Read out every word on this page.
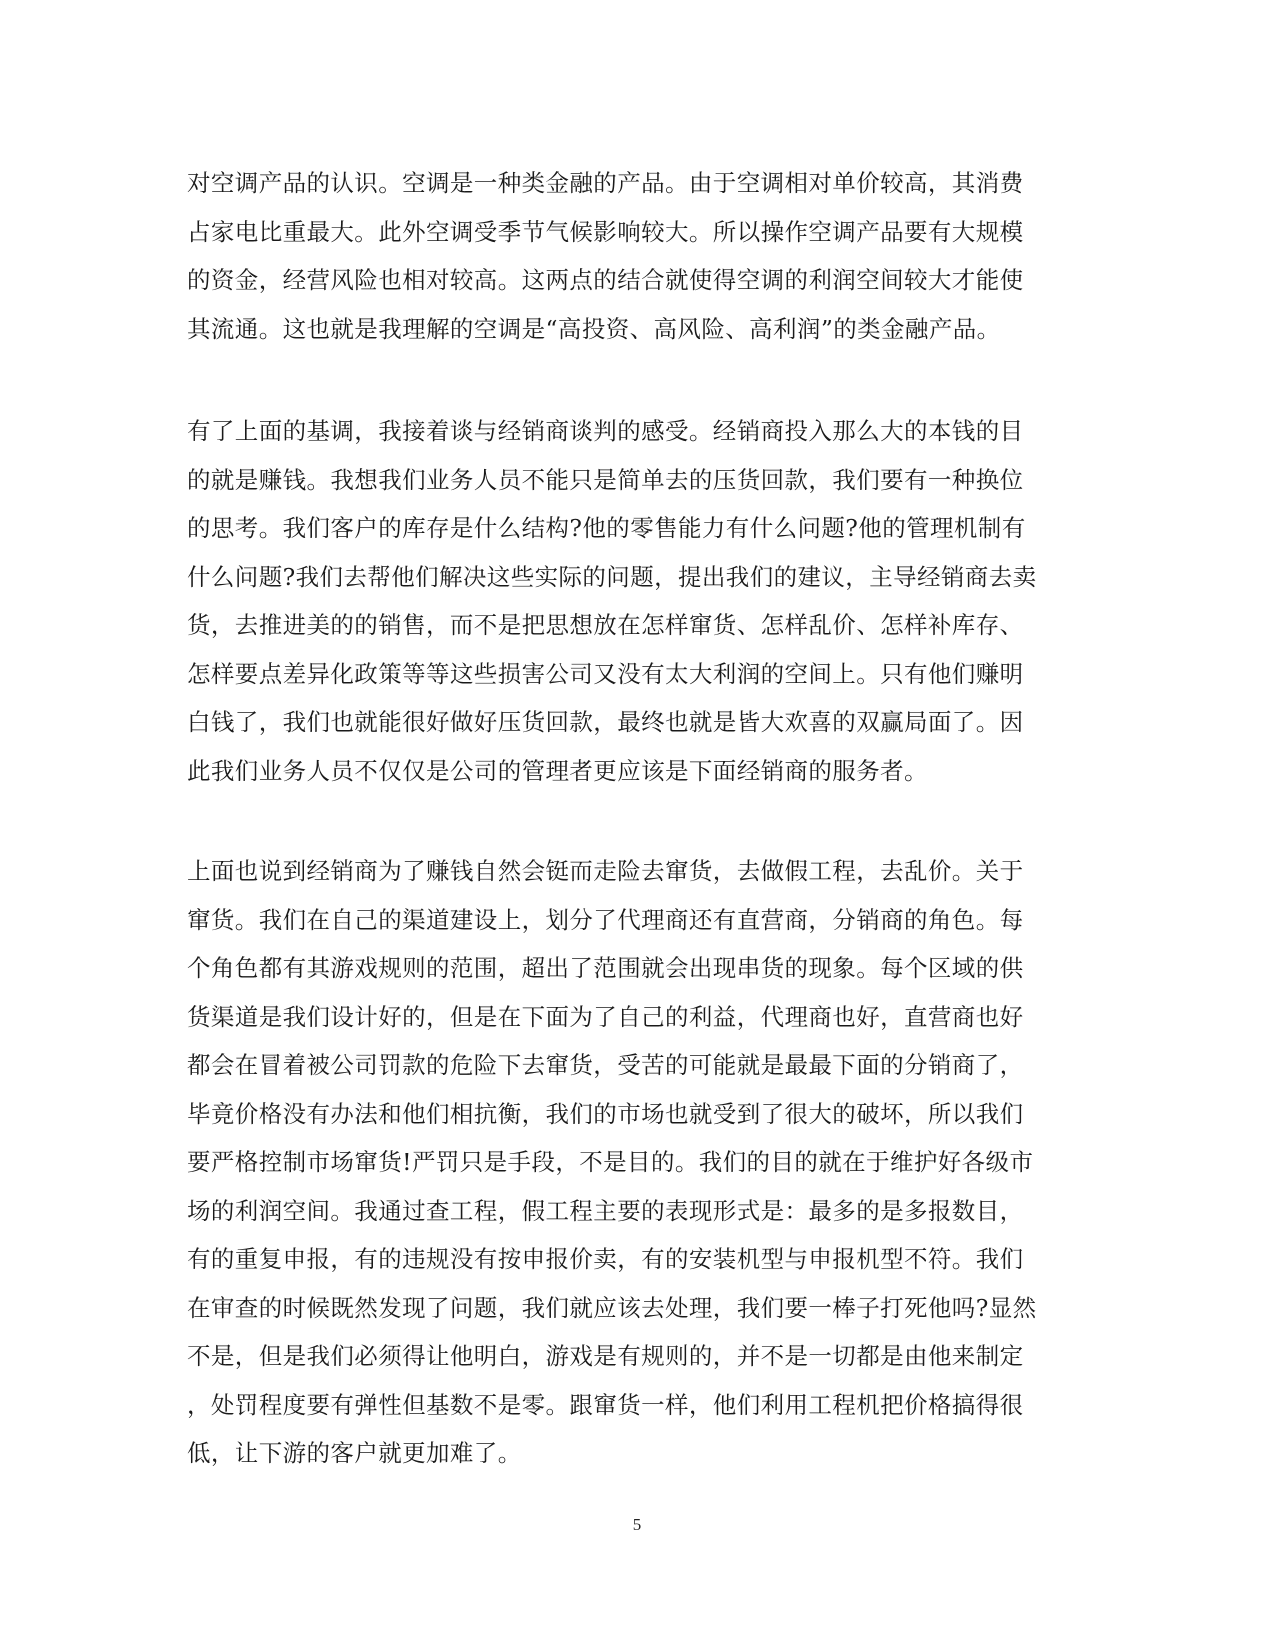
对空调产品的认识。空调是一种类金融的产品。由于空调相对单价较高，其消费
占家电比重最大。此外空调受季节气候影响较大。所以操作空调产品要有大规模
的资金，经营风险也相对较高。这两点的结合就使得空调的利润空间较大才能使
其流通。这也就是我理解的空调是“高投资、高风险、高利润”的类金融产品。
有了上面的基调，我接着谈与经销商谈判的感受。经销商投入那么大的本钱的目
的就是赚钱。我想我们业务人员不能只是简单去的压货回款，我们要有一种换位
的思考。我们客户的库存是什么结构?他的零售能力有什么问题?他的管理机制有
什么问题?我们去帮他们解决这些实际的问题，提出我们的建议，主导经销商去卖
货，去推进美的的销售，而不是把思想放在怎样窜货、怎样乱价、怎样补库存、
怎样要点差异化政策等等这些损害公司又没有太大利润的空间上。只有他们赚明
白钱了，我们也就能很好做好压货回款，最终也就是皆大欢喜的双赢局面了。因
此我们业务人员不仅仅是公司的管理者更应该是下面经销商的服务者。
上面也说到经销商为了赚钱自然会铤而走险去窜货，去做假工程，去乱价。关于
窜货。我们在自己的渠道建设上，划分了代理商还有直营商，分销商的角色。每
个角色都有其游戏规则的范围，超出了范围就会出现串货的现象。每个区域的供
货渠道是我们设计好的，但是在下面为了自己的利益，代理商也好，直营商也好
都会在冒着被公司罚款的危险下去窜货，受苦的可能就是最最下面的分销商了，
毕竟价格没有办法和他们相抗衡，我们的市场也就受到了很大的破坏，所以我们
要严格控制市场窜货!严罚只是手段，不是目的。我们的目的就在于维护好各级市
场的利润空间。我通过查工程，假工程主要的表现形式是：最多的是多报数目，
有的重复申报，有的违规没有按申报价卖，有的安装机型与申报机型不符。我们
在审查的时候既然发现了问题，我们就应该去处理，我们要一棒子打死他吗?显然
不是，但是我们必须得让他明白，游戏是有规则的，并不是一切都是由他来制定
，处罚程度要有弹性但基数不是零。跟窜货一样，他们利用工程机把价格搞得很
低，让下游的客户就更加难了。
5
